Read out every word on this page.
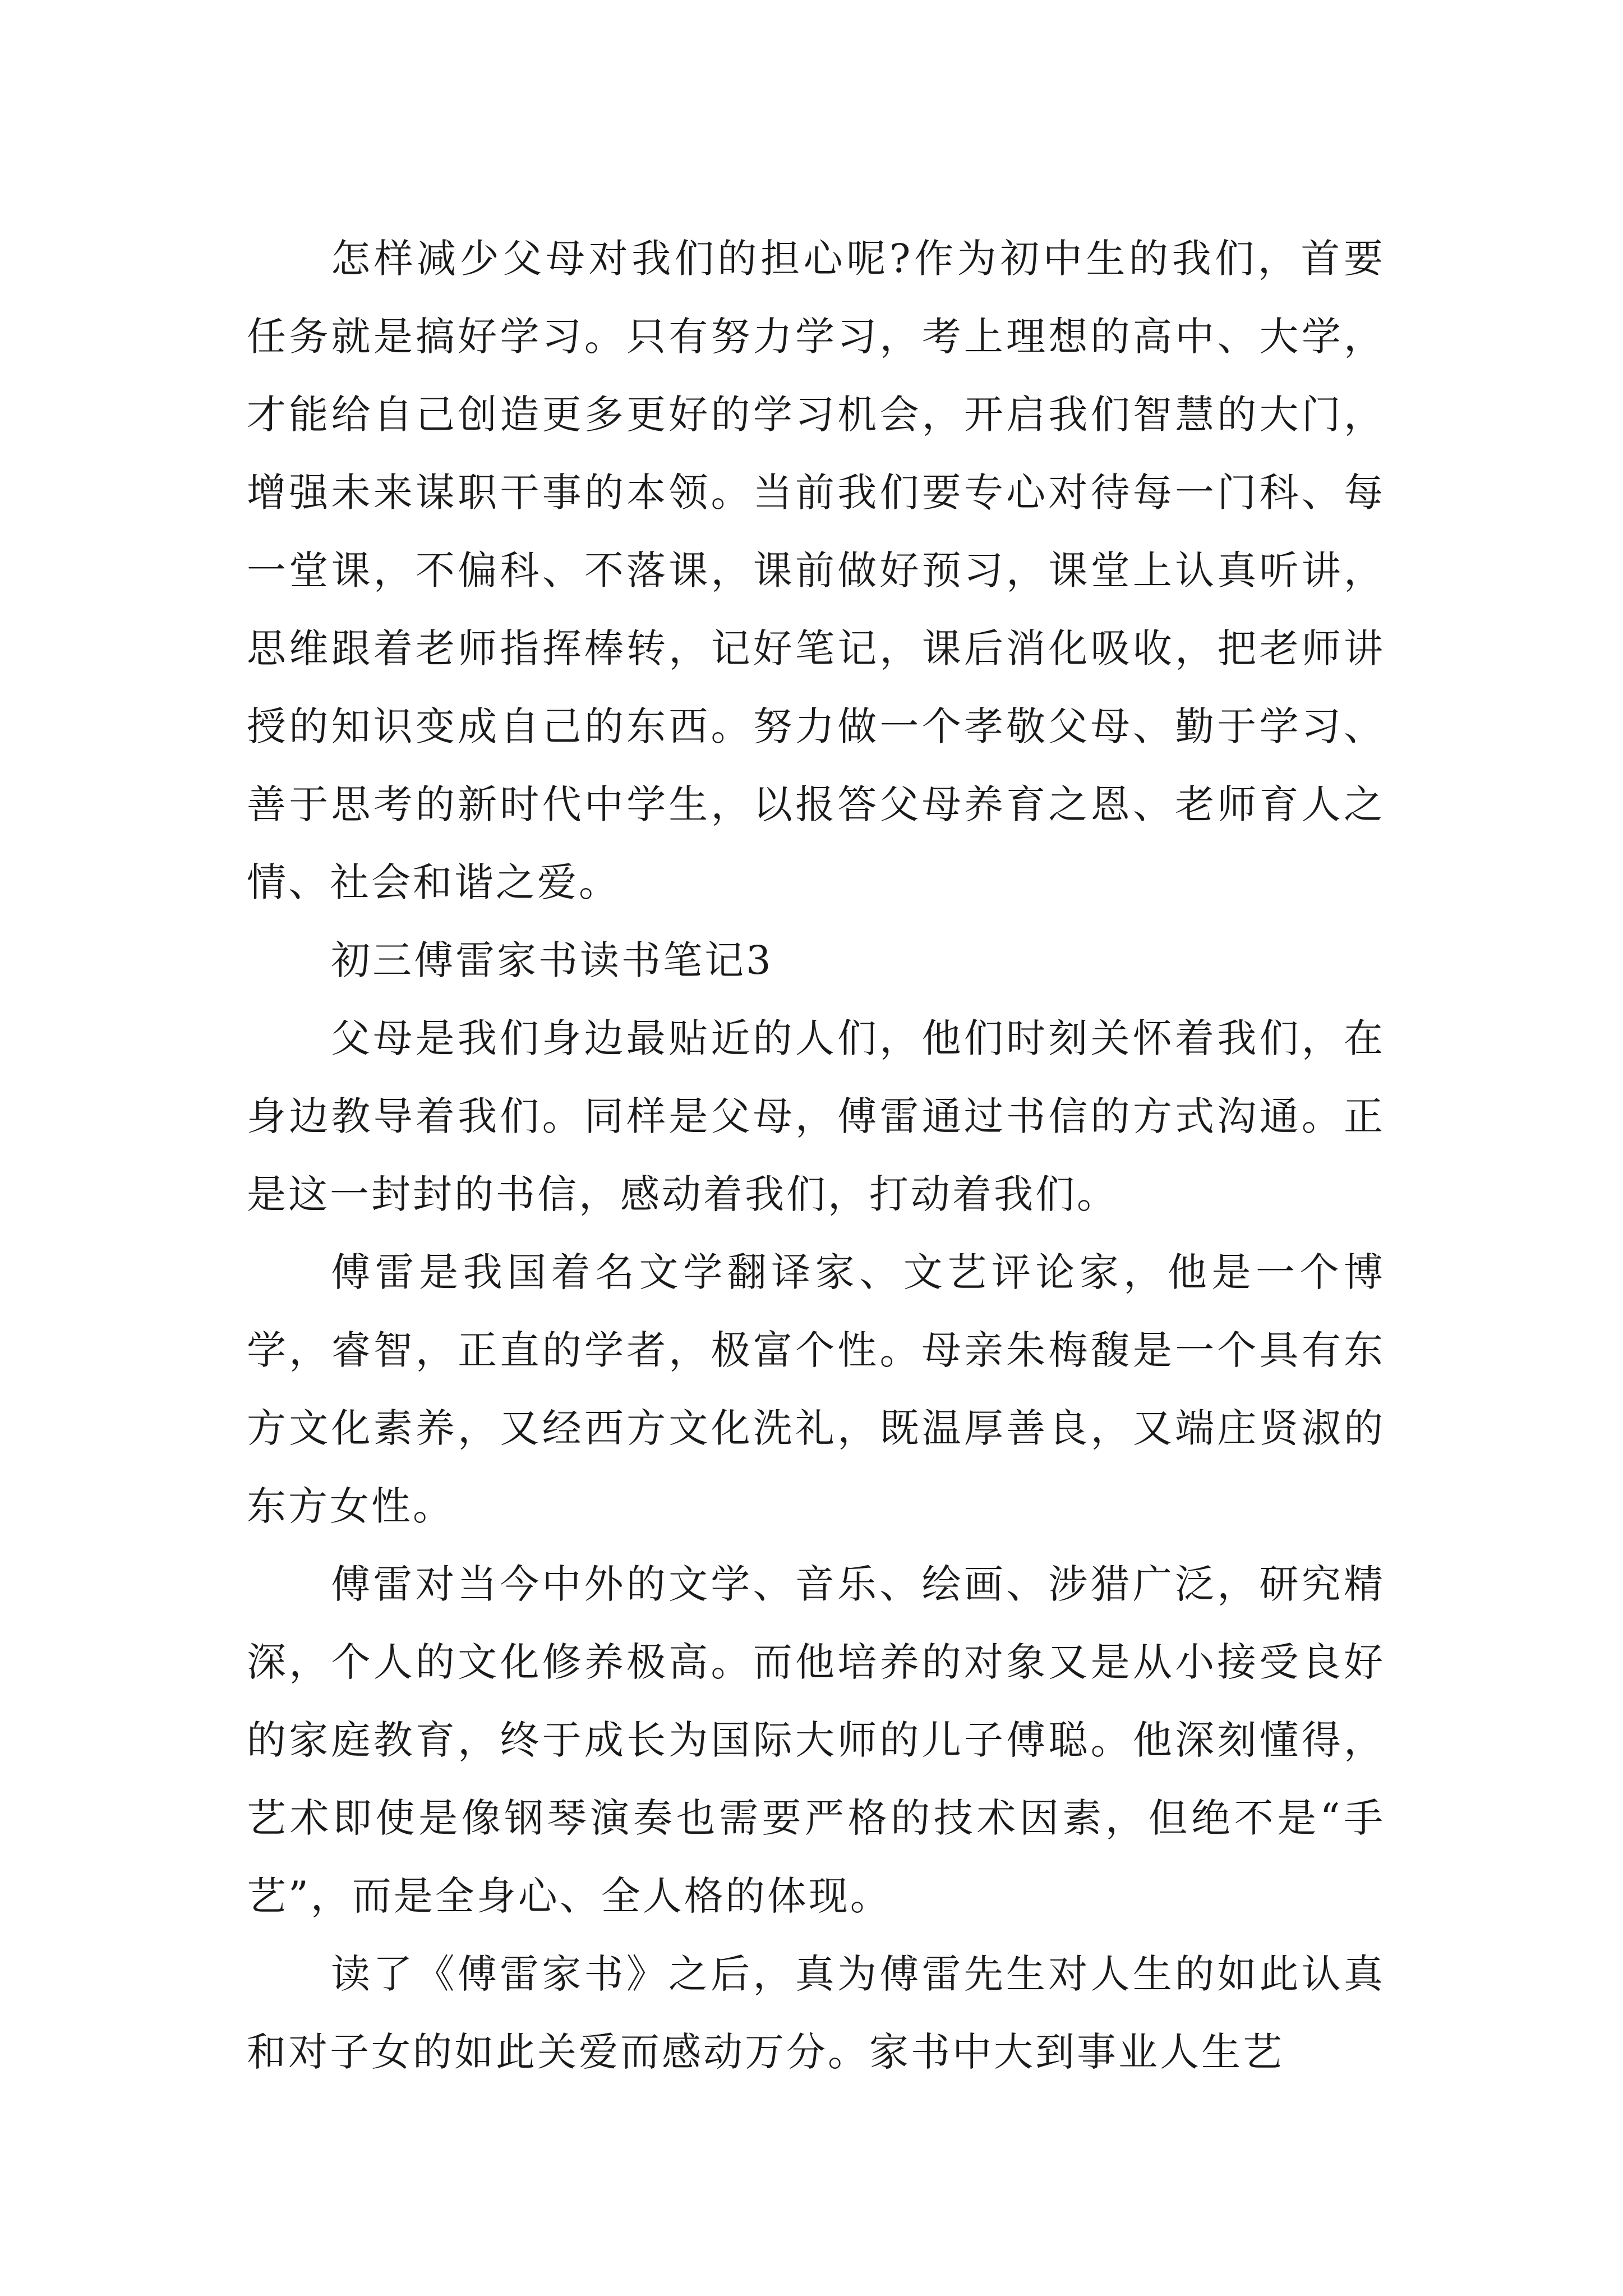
怎样减少父母对我们的担心呢?作为初中生的我们，首要任务就是搞好学习。只有努力学习，考上理想的高中、大学，才能给自己创造更多更好的学习机会，开启我们智慧的大门，增强未来谋职干事的本领。当前我们要专心对待每一门科、每一堂课，不偏科、不落课，课前做好预习，课堂上认真听讲，思维跟着老师指挥棒转，记好笔记，课后消化吸收，把老师讲授的知识变成自己的东西。努力做一个孝敬父母、勤于学习、善于思考的新时代中学生，以报答父母养育之恩、老师育人之情、社会和谐之爱。

初三傅雷家书读书笔记3

父母是我们身边最贴近的人们，他们时刻关怀着我们，在身边教导着我们。同样是父母，傅雷通过书信的方式沟通。正是这一封封的书信，感动着我们，打动着我们。

傅雷是我国着名文学翻译家、文艺评论家，他是一个博学，睿智，正直的学者，极富个性。母亲朱梅馥是一个具有东方文化素养，又经西方文化洗礼，既温厚善良，又端庄贤淑的东方女性。

傅雷对当今中外的文学、音乐、绘画、涉猎广泛，研究精深，个人的文化修养极高。而他培养的对象又是从小接受良好的家庭教育，终于成长为国际大师的儿子傅聪。他深刻懂得，艺术即使是像钢琴演奏也需要严格的技术因素，但绝不是“手艺”，而是全身心、全人格的体现。

读了《傅雷家书》之后，真为傅雷先生对人生的如此认真和对子女的如此关爱而感动万分。家书中大到事业人生艺
